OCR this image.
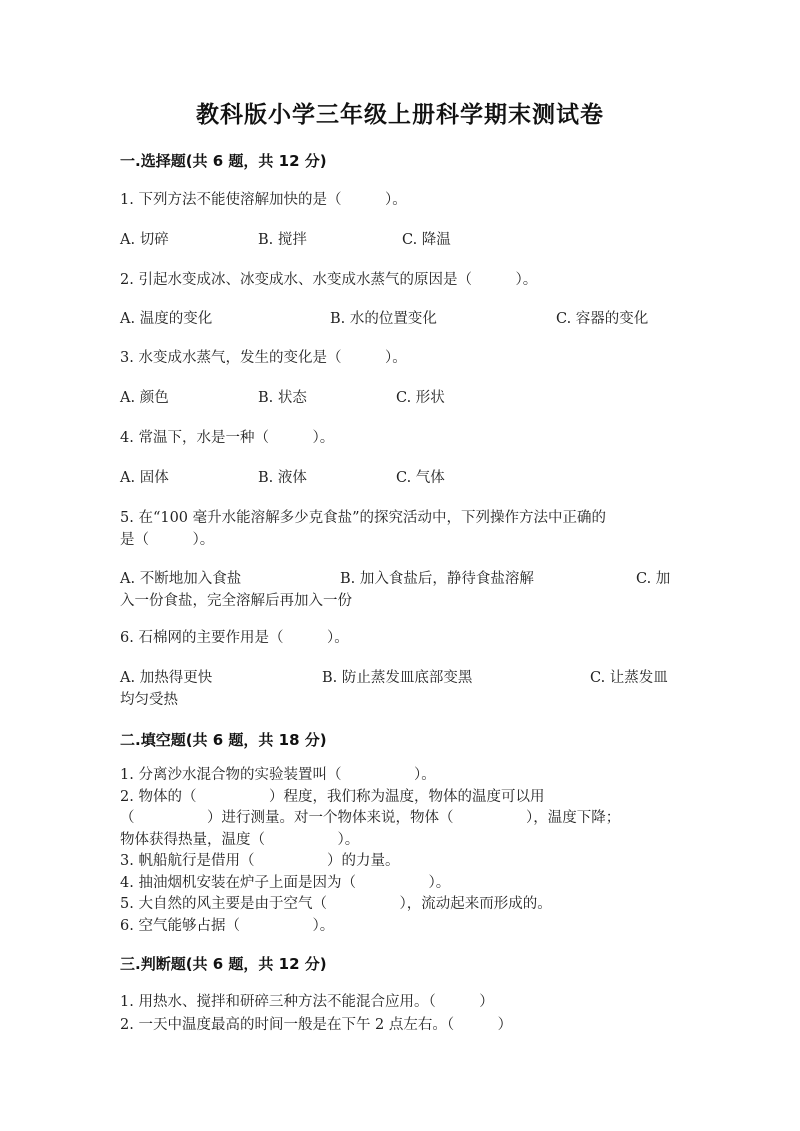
教科版小学三年级上册科学期末测试卷
一.选择题(共 6 题，共 12 分)
1. 下列方法不能使溶解加快的是（　　　）。
A. 切碎	B. 搅拌	C. 降温
2. 引起水变成冰、冰变成水、水变成水蒸气的原因是（　　　）。
A. 温度的变化	B. 水的位置变化	C. 容器的变化
3. 水变成水蒸气，发生的变化是（　　　）。
A. 颜色	B. 状态	C. 形状
4. 常温下，水是一种（　　　）。
A. 固体	B. 液体	C. 气体
5. 在“100 毫升水能溶解多少克食盐”的探究活动中，下列操作方法中正确的
是（　　　）。
A. 不断地加入食盐	B. 加入食盐后，静待食盐溶解	C. 加
入一份食盐，完全溶解后再加入一份
6. 石棉网的主要作用是（　　　）。
A. 加热得更快	B. 防止蒸发皿底部变黑	C. 让蒸发皿
均匀受热
二.填空题(共 6 题，共 18 分)
1. 分离沙水混合物的实验装置叫（　　　　　）。
2. 物体的（　　　　　）程度，我们称为温度，物体的温度可以用
（　　　　　）进行测量。对一个物体来说，物体（　　　　　），温度下降；
物体获得热量，温度（　　　　　）。
3. 帆船航行是借用（　　　　　）的力量。
4. 抽油烟机安装在炉子上面是因为（　　　　　）。
5. 大自然的风主要是由于空气（　　　　　），流动起来而形成的。
6. 空气能够占据（　　　　　）。
三.判断题(共 6 题，共 12 分)
1. 用热水、搅拌和研碎三种方法不能混合应用。（　　　）
2. 一天中温度最高的时间一般是在下午 2 点左右。（　　　）
